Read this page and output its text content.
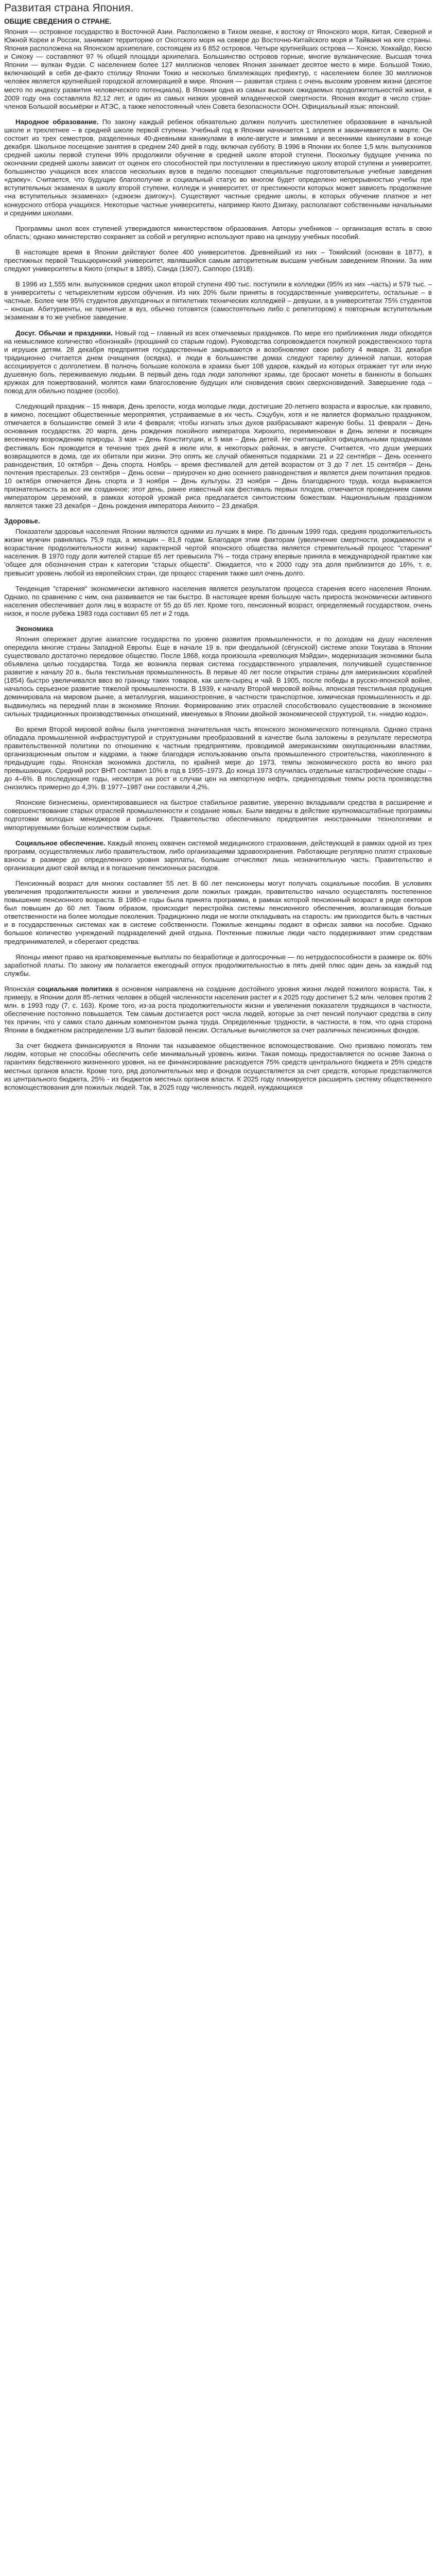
Развитая страна Япония.
ОБЩИЕ СВЕДЕНИЯ О СТРАНЕ.

Япония — островное государство в Восточной Азии. Расположено в Тихом океане, к востоку от Японского моря, Китая, Северной и Южной Кореи и России, занимает территорию от Охотского моря на севере до Восточно-Китайского моря и Тайваня на юге страны. Япония расположена на Японском архипелаге, состоящем из 6 852 островов. Четыре крупнейших острова — Хонсю, Хоккайдо, Кюсю и Сикоку — составляют 97 % общей площади архипелага. Большинство островов горные, многие вулканические. Высшая точка Японии — вулкан Фудзи. С населением более 127 миллионов человек Япония занимает десятое место в мире. Большой Токио, включающий в себя де-факто столицу Японии Токио и несколько близлежащих префектур, с населением более 30 миллионов человек является крупнейшей городской агломерацией в мире. Япония — развитая страна с очень высоким уровнем жизни (десятое место по индексу развития человеческого потенциала). В Японии одна из самых высоких ожидаемых продолжительностей жизни, в 2009 году она составляла 82,12 лет, и один из самых низких уровней младенческой смертности. Япония входит в число стран-членов Большой восьмёрки и АТЭС, а также непостоянный член Совета безопасности ООН. Официальный язык: японский.

Народное образование. По закону каждый ребенок обязательно должен получить шестилетнее образование в начальной школе и трехлетнее – в средней школе первой ступени. Учебный год в Японии начинается 1 апреля и заканчивается в марте. Он состоит из трех семестров, разделенных 40-дневными каникулами в июле-августе и зимними и весенними каникулами в конце декабря. Школьное посещение занятия в среднем 240 дней в году, включая субботу. В 1996 в Японии их более 1,5 млн. выпускников средней школы первой ступени 99% продолжили обучение в средней школе второй ступени. Поскольку будущее ученика по окончании средней школы зависит от оценок его способностей при поступлении в престижную школу второй ступени и университет, большинство учащихся всех классов нескольких вузов в педелю посещают специальные подготовительные учебные заведения «дзюку». Считается, что будущие благополучие и социальный статус во многом будет определено непрерывностью учебы при вступительных экзаменах в школу второй ступени, колледж и университет, от престижности которых может зависеть продолжение «на вступительных экзаменах» («дзюкэн дзигоку»). Существуют частные средние школы, в которых обучение платное и нет конкурсного отбора учащихся. Некоторые частные университеты, например Киото Дзигаку, располагают собственными начальными и средними школами.

Программы школ всех ступеней утверждаются министерством образования. Авторы учебников – организация встать в свою область; однако министерство сохраняет за собой и регулярно используют право на цензуру учебных пособий.

В настоящее время в Японии действуют более 400 университетов. Древнейший из них – Токийский (основан в 1877), в престижных первой Тешьцюринский университет, являвшийся самым авторитетным высшим учебным заведением Японии. За ним следуют университеты в Киото (открыт в 1895), Санда (1907), Саппоро (1918).

В 1996 из 1,555 млн. выпускников средних школ второй ступени 490 тыс. поступили в колледжи (95% из них –часть) и 579 тыс. – в университеты с четырехлетним курсом обучения. Из них 20% были приняты в государственные университеты, остальные – в частные. Более чем 95% студентов двухгодичных и пятилетних технических колледжей – девушки, а в университетах 75% студентов – юноши. Абитуриенты, не принятые в вуз, обычно готовятся (самостоятельно либо с репетитором) к повторным вступительным экзаменам в то же учебное заведение.

Досуг. Обычаи и праздники. Новый год – главный из всех отмечаемых праздников. По мере его приближения люди обходятся на немыслимое количество «бонэнкай» (прощаний со старым годом). Руководства сопровождается покупкой рождественского торта и игрушек детям. 28 декабря предприятия государственные закрываются и возобновляют свою работу 4 января. 31 декабря традиционно считается днем очищения (осядка), и люди в большинстве домах следуют тарелку длинной лапши, которая ассоциируется с долголетием. В полночь большие колокола в храмах бьют 108 ударов, каждый из которых отражает тут или иную душевную боль, переживаемую людьми. В первый день года люди заполняют храмы, где бросают монеты в банкноты в больших кружках для пожертвований, молятся ками благословение будущих или сновидения своих сверхсновидений. Завершение года – повод для обильно позднее (особо).

Следующий праздник – 15 января, День зрелости, когда молодые люди, достигшие 20-летнего возраста и взрослые, как правило, в кимоно, посещают общественные мероприятия, устраиваемые в их честь. Сэцубун, хотя и не является формально праздником, отмечается в большинстве семей 3 или 4 февраля; чтобы изгнать злых духов разбрасывают жареную бобы. 11 февраля – День основания государства. 20 марта, день рождения покойного императора Хирохито, переименован в День зелени и посвящен весеннему возрождению природы. 3 мая – День Конституции, и 5 мая – День детей. Не считающийся официальными праздниками фестиваль Бон проводится в течение трех дней в июле или, в некоторых районах, в августе. Считается, что души умерших возвращаются в дома, где их обитали при жизни. Это опять же случай обменяться подарками. 21 и 22 сентября – День осеннего равноденствия, 10 октября – День спорта. Ноябрь – время фестивалей для детей возрастом от 3 до 7 лет. 15 сентября – День почтения престарелых. 23 сентября – День осени – приурочен ко дню осеннего равноденствия и является днем почитания предков. 10 октября отмечается День спорта и 3 ноября – День культуры. 23 ноября – День благодарного труда, когда выражается признательность за все им созданное; этот день, ранее известный как фестиваль первых плодов, отмечается проведением самим императором церемоний, в рамках которой урожай риса предлагается синтоистским божествам. Национальным праздником является также 23 декабря – День рождения императора Акихито – 23 декабря.

Здоровье.

Показатели здоровья населения Японии являются одними из лучших в мире. По данным 1999 года, средняя продолжительность жизни мужчин равнялась 75,9 года, а женщин – 81,8 годам. Благодаря этим факторам (увеличение смертности, рождаемости и возрастание продолжительности жизни) характерной чертой японского общества является стремительный процесс "старения" населения. В 1970 году доля жителей старше 65 лет превысила 7% – тогда страну впервые приняла в международной практике как 'общее для обозначения стран к категории "старых обществ". Ожидается, что к 2000 году эта доля приблизится до 16%, т. е. превысит уровень любой из европейских стран, где процесс старения также шел очень долго.

Тенденция "старения" экономически активного населения является результатом процесса старения всего населения Японии. Однако, по сравнению с ним, она развивается не так быстро. В настоящее время большую часть прироста экономически активного населения обеспечивает доля лиц в возрасте от 55 до 65 лет. Кроме того, пенсионный возраст, определяемый государством, очень низок, и после рубежа 1983 года составил 65 лет и 2 года.

Экономика

Япония опережает другие азиатские государства по уровню развития промышленности, и по доходам на душу населения опередила многие страны Западной Европы. Еще в начале 19 в. при феодальной (сёгунской) системе эпохи Токугава в Японии существовало достаточно передовое общество. После 1868, когда произошла «революция Мэйдзи», модернизация экономики была объявлена целью государства. Тогда же возникла первая система государственного управления, получившей существенное развитие к началу 20 в., была текстильная промышленность. В первые 40 лет после открытия страны для американских кораблей (1854) быстро увеличивался ввоз во границу таких товаров, как шелк-сырец и чай. В 1905, после победы в русско-японской войне, началось серьезное развитие тяжелой промышленности. В 1939, к началу Второй мировой войны, японская текстильная продукция доминировала на мировом рынке, а металлургия, машиностроение, в частности транспортное, химическая промышленность и др. выдвинулись на передний план в экономике Японии. Формированию этих отраслей способствовало существование в экономике сильных традиционных производственных отношений, именуемых в Японии двойной экономической структурой, т.н. «нидзю кодзо».

Во время Второй мировой войны была уничтожена значительная часть японского экономического потенциала. Однако страна обладала промышленной инфраструктурой и структурными преобразований в качестве была заложены в результате пересмотра правительственной политики по отношению к частным предприятиям, проводимой американскими оккупационными властями, организационным опытом и кадрами, а также благодаря использованию опыта промышленного строительства, накопленного в предыдущие годы. Японская экономика достигла, по крайней мере до 1973, темпы экономического роста во много раз превышающих. Средний рост ВНП составил 10% в год в 1955–1973. До конца 1973 случилась отдельные катастрофические спады – до 4–6%. В последующие годы, несмотря на рост и случаи цен на импортную нефть, среднегодовые темпы роста производства снизились примерно до 4,3%. В 1977–1987 они составили 4,2%.

Японские бизнесмены, ориентировавшиеся на быстрое стабильное развитие, уверенно вкладывали средства в расширение и совершенствование старых отраслей промышленности и создание новых. Были введены в действие крупномасштабные программы подготовки молодых менеджеров и рабочих. Правительство обеспечивало предприятия иностранными технологиями и импортируемыми больше количеством сырья.

Социальное обеспечение. Каждый японец охвачен системой медицинского страхования, действующей в рамках одной из трех программ, осуществляемых либо правительством, либо организациями здравоохранения. Работающие регулярно платят страховые взносы в размере до определенного уровня зарплаты, большие отчисляют лишь незначительную часть. Правительство и организации дают свой вклад и в погашение пенсионных расходов.

Пенсионный возраст для многих составляет 55 лет. В 60 лет пенсионеры могут получать социальные пособия. В условиях увеличения продолжительности жизни и увеличения доли пожилых граждан, правительство начало осуществлять постепенное повышение пенсионного возраста. В 1980-е годы была принята программа, в рамках которой пенсионный возраст в ряде секторов был повышен до 60 лет. Таким образом, происходит перестройка системы пенсионного обеспечения, возлагающая больше ответственности на более молодые поколения. Традиционно люди не могли откладывать на старость: им приходится быть в частных и в государственных системах как в системе собственности. Пожилые женщины подают в офисах заявки на пособие. Однако большое количество учреждений подразделений дней отдыха. Почтенные пожилые люди часто поддерживают этим средствам предпринимателей, и сберегают средства.

Японцы имеют право на кратковременные выплаты по безработице и долгосрочные — по нетрудоспособности в размере ок. 60% заработной платы. По закону им полагается ежегодный отпуск продолжительностью в пять дней плюс один день за каждый год службы.

Японская социальная политика в основном направлена на создание достойного уровня жизни людей пожилого возраста. Так, к примеру, в Японии доля 85-летних человек в общей численности населения растет и к 2025 году достигнет 5,2 млн. человек против 2 млн. в 1993 году (7, с. 163). Кроме того, из-за роста продолжительности жизни и увеличения показателя трудящихся в частности, обеспечение постоянно повышается. Тем самым достигается рост числа людей, которые за счет пенсий получают средства в силу тех причин, что у самих стало данным компонентом рынка труда. Определенные трудности, в частности, в том, что одна сторона Японии в бюджетном распределении 1/3 выпит базовой пенсии. Остальные вычисляются за счет различных пенсионных фондов.

За счет бюджета финансируются в Японии так называемое общественное вспомоществование. Оно призвано помогать тем людям, которые не способны обеспечить себе минимальный уровень жизни. Такая помощь предоставляется по основе Закона о гарантиях бедственного жизненного уровня, на ее финансирование расходуется 75% средств центрального бюджета и 25% средств местных органов власти. Кроме того, ряд дополнительных мер и фондов осуществляется за счет средств, которые представляются из центрального бюджета, 25% - из бюджетов местных органов власти. К 2025 году планируется расширять систему общественного вспомоществования для пожилых людей. Так, в 2025 году численность людей, нуждающихся
